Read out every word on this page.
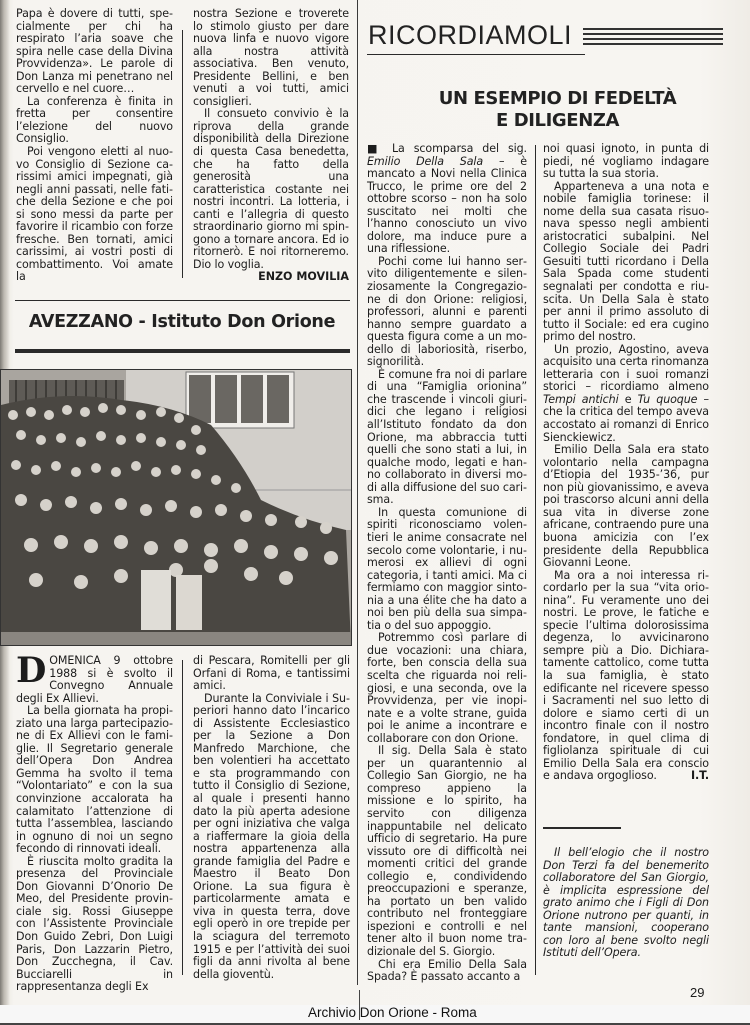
Papa è dovere di tutti, specialmente per chi ha respirato l’aria soave che spira nelle case della Divina Provvidenza». Le parole di Don Lanza mi penetrano nel cervello e nel cuore…

La conferenza è finita in fretta per consentire l’elezione del nuovo Consiglio.

Poi vengono eletti al nuovo Consiglio di Sezione carissimi amici impegnati, già negli anni passati, nelle fatiche della Sezione e che poi si sono messi da parte per favorire il ricambio con forze fresche. Ben tornati, amici carissimi, ai vostri posti di combattimento. Voi amate la

nostra Sezione e troverete lo stimolo giusto per dare nuova linfa e nuovo vigore alla nostra attività associativa. Ben venuto, Presidente Bellini, e ben venuti a voi tutti, amici consiglieri.

Il consueto convivio è la riprova della grande disponibilità della Direzione di questa Casa benedetta, che ha fatto della generosità una caratteristica costante nei nostri incontri. La lotteria, i canti e l’allegria di questo straordinario giorno mi spingono a tornare ancora. Ed io ritornerò. E noi ritorneremo. Dio lo voglia.

ENZO MOVILIA
AVEZZANO - Istituto Don Orione

DOMENICA 9 ottobre 1988 si è svolto il Convegno Annuale degli Ex Allievi.

La bella giornata ha propiziato una larga partecipazione di Ex Allievi con le famiglie. Il Segretario generale dell’Opera Don Andrea Gemma ha svolto il tema “Volontariato” e con la sua convinzione accalorata ha calamitato l’attenzione di tutta l’assemblea, lasciando in ognuno di noi un segno fecondo di rinnovati ideali.

È riuscita molto gradita la presenza del Provinciale Don Giovanni D’Onorio De Meo, del Presidente provinciale sig. Rossi Giuseppe con l’Assistente Provinciale Don Guido Zebri, Don Luigi Paris, Don Lazzarin Pietro, Don Zucchegna, il Cav. Bucciarelli in rappresentanza degli Ex

di Pescara, Romitelli per gli Orfani di Roma, e tantissimi amici.

Durante la Conviviale i Superiori hanno dato l’incarico di Assistente Ecclesiastico per la Sezione a Don Manfredo Marchione, che ben volentieri ha accettato e sta programmando con tutto il Consiglio di Sezione, al quale i presenti hanno dato la più aperta adesione per ogni iniziativa che valga a riaffermare la gioia della nostra appartenenza alla grande famiglia del Padre e Maestro il Beato Don Orione. La sua figura è particolarmente amata e viva in questa terra, dove egli operò in ore trepide per la sciagura del terremoto 1915 e per l’attività dei suoi figli da anni rivolta al bene della gioventù.

RICORDIAMOLI
UN ESEMPIO DI FEDELTÀ
E DILIGENZA

■ La scomparsa del sig. Emilio Della Sala – è mancato a Novi nella Clinica Trucco, le prime ore del 2 ottobre scorso – non ha solo suscitato nei molti che l’hanno conosciuto un vivo dolore, ma induce pure a una riflessione.

Pochi come lui hanno servito diligentemente e silenziosamente la Congregazione di don Orione: religiosi, professori, alunni e parenti hanno sempre guardato a questa figura come a un modello di laboriosità, riserbo, signorilità.

È comune fra noi di parlare di una “Famiglia orionina” che trascende i vincoli giuridici che legano i religiosi all’Istituto fondato da don Orione, ma abbraccia tutti quelli che sono stati a lui, in qualche modo, legati e hanno collaborato in diversi modi alla diffusione del suo carisma.

In questa comunione di spiriti riconosciamo volentieri le anime consacrate nel secolo come volontarie, i numerosi ex allievi di ogni categoria, i tanti amici. Ma ci fermiamo con maggior sintonia a una élite che ha dato a noi ben più della sua simpatia o del suo appoggio.

Potremmo così parlare di due vocazioni: una chiara, forte, ben conscia della sua scelta che riguarda noi religiosi, e una seconda, ove la Provvidenza, per vie inopinate e a volte strane, guida poi le anime a incontrare e collaborare con don Orione.

Il sig. Della Sala è stato per un quarantennio al Collegio San Giorgio, ne ha compreso appieno la missione e lo spirito, ha servito con diligenza inappuntabile nel delicato ufficio di segretario. Ha pure vissuto ore di difficoltà nei momenti critici del grande collegio e, condividendo preoccupazioni e speranze, ha portato un ben valido contributo nel fronteggiare ispezioni e controlli e nel tener alto il buon nome tradizionale del S. Giorgio.

Chi era Emilio Della Sala Spada? È passato accanto a

noi quasi ignoto, in punta di piedi, né vogliamo indagare su tutta la sua storia.

Apparteneva a una nota e nobile famiglia torinese: il nome della sua casata risuonava spesso negli ambienti aristocratici subalpini. Nel Collegio Sociale dei Padri Gesuiti tutti ricordano i Della Sala Spada come studenti segnalati per condotta e riuscita. Un Della Sala è stato per anni il primo assoluto di tutto il Sociale: ed era cugino primo del nostro.

Un prozio, Agostino, aveva acquisito una certa rinomanza letteraria con i suoi romanzi storici – ricordiamo almeno Tempi antichi e Tu quoque – che la critica del tempo aveva accostato ai romanzi di Enrico Sienckiewicz.

Emilio Della Sala era stato volontario nella campagna d’Etiopia del 1935-’36, pur non più giovanissimo, e aveva poi trascorso alcuni anni della sua vita in diverse zone africane, contraendo pure una buona amicizia con l’ex presidente della Repubblica Giovanni Leone.

Ma ora a noi interessa ricordarlo per la sua “vita orionina”. Fu veramente uno dei nostri. Le prove, le fatiche e specie l’ultima dolorosissima degenza, lo avvicinarono sempre più a Dio. Dichiaratamente cattolico, come tutta la sua famiglia, è stato edificante nel ricevere spesso i Sacramenti nel suo letto di dolore e siamo certi di un incontro finale con il nostro fondatore, in quel clima di figliolanza spirituale di cui Emilio Della Sala era conscio e andava orgoglioso.	I.T.

Il bell’elogio che il nostro Don Terzi fa del benemerito collaboratore del San Giorgio, è implicita espressione del grato animo che i Figli di Don Orione nutrono per quanti, in tante mansioni, cooperano con loro al bene svolto negli Istituti dell’Opera.

29
Archivio Don Orione - Roma
